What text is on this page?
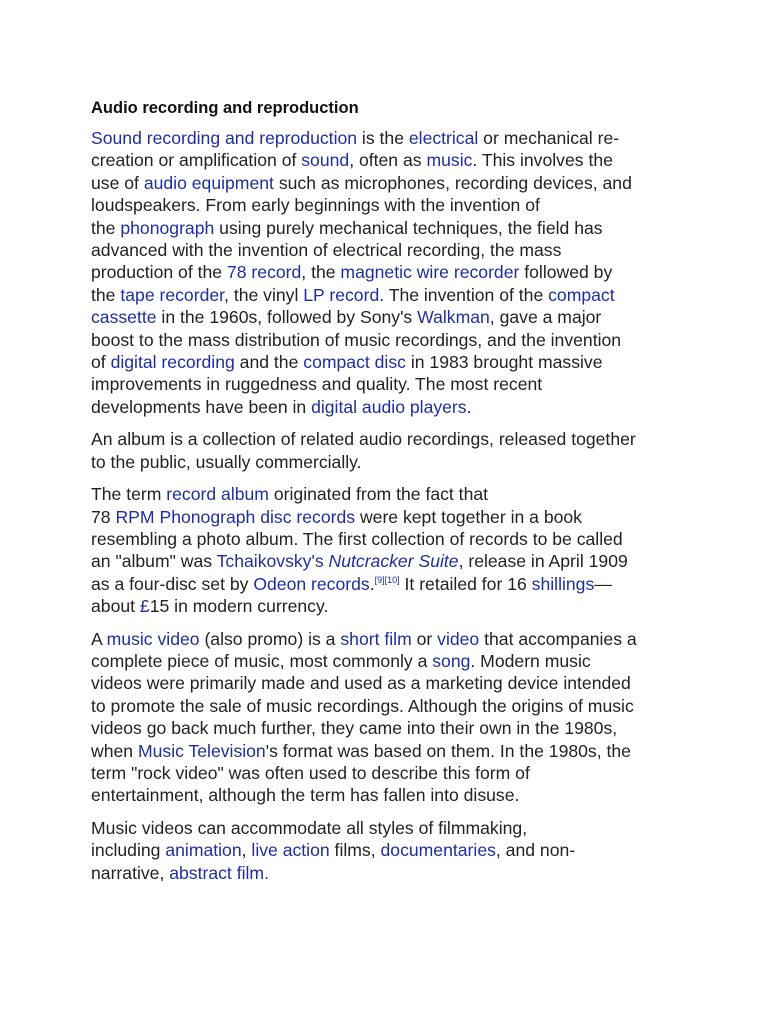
Audio recording and reproduction
Sound recording and reproduction is the electrical or mechanical re-
creation or amplification of sound, often as music. This involves the
use of audio equipment such as microphones, recording devices, and
loudspeakers. From early beginnings with the invention of
the phonograph using purely mechanical techniques, the field has
advanced with the invention of electrical recording, the mass
production of the 78 record, the magnetic wire recorder followed by
the tape recorder, the vinyl LP record. The invention of the compact
cassette in the 1960s, followed by Sony's Walkman, gave a major
boost to the mass distribution of music recordings, and the invention
of digital recording and the compact disc in 1983 brought massive
improvements in ruggedness and quality. The most recent
developments have been in digital audio players.
An album is a collection of related audio recordings, released together
to the public, usually commercially.
The term record album originated from the fact that
78 RPM Phonograph disc records were kept together in a book
resembling a photo album. The first collection of records to be called
an "album" was Tchaikovsky's Nutcracker Suite, release in April 1909
as a four-disc set by Odeon records.[9][10] It retailed for 16 shillings—
about £15 in modern currency.
A music video (also promo) is a short film or video that accompanies a
complete piece of music, most commonly a song. Modern music
videos were primarily made and used as a marketing device intended
to promote the sale of music recordings. Although the origins of music
videos go back much further, they came into their own in the 1980s,
when Music Television's format was based on them. In the 1980s, the
term "rock video" was often used to describe this form of
entertainment, although the term has fallen into disuse.
Music videos can accommodate all styles of filmmaking,
including animation, live action films, documentaries, and non-
narrative, abstract film.
